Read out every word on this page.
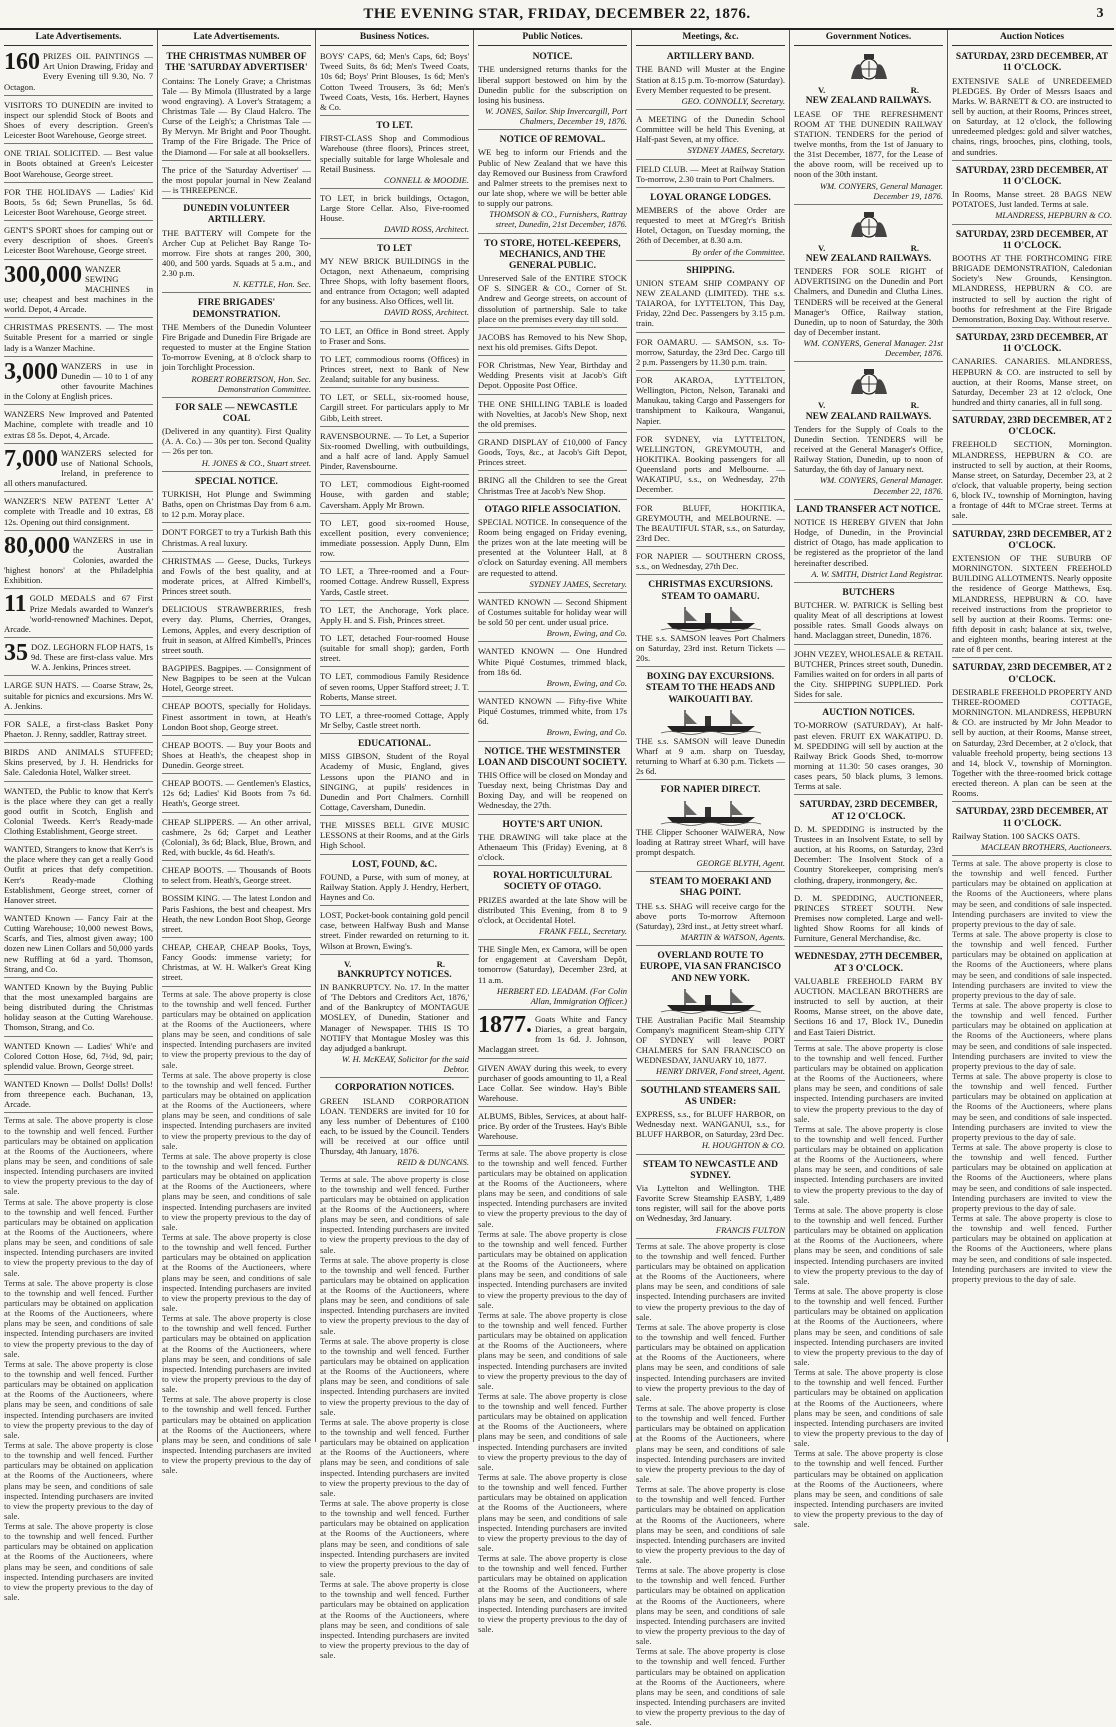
THE EVENING STAR, FRIDAY, DECEMBER 22, 1876.	3
Late Advertisements.
160 PRIZES OIL PAINTINGS — Art Union Drawing, Friday and Every Evening till 9.30, No. 7 Octagon.
VISITORS TO DUNEDIN are invited to inspect our splendid Stock of Boots and Shoes of every description. Green's Leicester Boot Warehouse, George street.
ONE TRIAL SOLICITED. — Best value in Boots obtained at Green's Leicester Boot Warehouse, George street.
FOR THE HOLIDAYS — Ladies' Kid Boots, 5s 6d; Sewn Prunellas, 5s 6d. Leicester Boot Warehouse, George street.
GENT'S SPORT shoes for camping out or every description of shoes. Green's Leicester Boot Warehouse, George street.
300,000 WANZER SEWING MACHINES in use; cheapest and best machines in the world. Depot, 4 Arcade.
CHRISTMAS PRESENTS. — The most Suitable Present for a married or single lady is a Wanzer Machine.
3,000 WANZERS in use in Dunedin — 10 to 1 of any other favourite Machines in the Colony at English prices.
WANZERS New Improved and Patented Machine, complete with treadle and 10 extras £8 5s. Depot, 4, Arcade.
7,000 WANZERS selected for use of National Schools, Ireland, in preference to all others manufactured.
WANZER'S NEW PATENT 'Letter A' complete with Treadle and 10 extras, £8 12s. Opening out third consignment.
80,000 WANZERS in use in the Australian Colonies, awarded the 'highest honors' at the Philadelphia Exhibition.
11 GOLD MEDALS and 67 First Prize Medals awarded to Wanzer's 'world-renowned' Machines. Depot, Arcade.
35 DOZ. LEGHORN FLOP HATS, 1s 9d. These are first-class value. Mrs W. A. Jenkins, Princes street.
LARGE SUN HATS. — Coarse Straw, 2s, suitable for picnics and excursions. Mrs W. A. Jenkins.
FOR SALE, a first-class Basket Pony Phaeton. J. Renny, saddler, Rattray street.
BIRDS AND ANIMALS STUFFED; Skins preserved, by J. H. Hendricks for Sale. Caledonia Hotel, Walker street.
WANTED, the Public to know that Kerr's is the place where they can get a really good outfit in Scotch, English and Colonial Tweeds. Kerr's Ready-made Clothing Establishment, George street.
WANTED, Strangers to know that Kerr's is the place where they can get a really Good Outfit at prices that defy competition. Kerr's Ready-made Clothing Establishment, George street, corner of Hanover street.
WANTED Known — Fancy Fair at the Cutting Warehouse; 10,000 newest Bows, Scarfs, and Ties, almost given away; 100 dozen new Linen Collars and 50,000 yards new Ruffling at 6d a yard. Thomson, Strang, and Co.
WANTED Known by the Buying Public that the most unexampled bargains are being distributed during the Christmas holiday season at the Cutting Warehouse. Thomson, Strang, and Co.
WANTED Known — Ladies' Whi'e and Colored Cotton Hose, 6d, 7½d, 9d, pair; splendid value. Brown, George street.
WANTED Known — Dolls! Dolls! Dolls! from threepence each. Buchanan, 13, Arcade.
Terms at sale. The above property is close to the township and well fenced. Further particulars may be obtained on application at the Rooms of the Auctioneers, where plans may be seen, and conditions of sale inspected. Intending purchasers are invited to view the property previous to the day of sale.
Terms at sale. The above property is close to the township and well fenced. Further particulars may be obtained on application at the Rooms of the Auctioneers, where plans may be seen, and conditions of sale inspected. Intending purchasers are invited to view the property previous to the day of sale.
Terms at sale. The above property is close to the township and well fenced. Further particulars may be obtained on application at the Rooms of the Auctioneers, where plans may be seen, and conditions of sale inspected. Intending purchasers are invited to view the property previous to the day of sale.
Terms at sale. The above property is close to the township and well fenced. Further particulars may be obtained on application at the Rooms of the Auctioneers, where plans may be seen, and conditions of sale inspected. Intending purchasers are invited to view the property previous to the day of sale.
Terms at sale. The above property is close to the township and well fenced. Further particulars may be obtained on application at the Rooms of the Auctioneers, where plans may be seen, and conditions of sale inspected. Intending purchasers are invited to view the property previous to the day of sale.
Terms at sale. The above property is close to the township and well fenced. Further particulars may be obtained on application at the Rooms of the Auctioneers, where plans may be seen, and conditions of sale inspected. Intending purchasers are invited to view the property previous to the day of sale.
Late Advertisements.
THE CHRISTMAS NUMBER OF THE 'SATURDAY ADVERTISER'
Contains: The Lonely Grave; a Christmas Tale — By Mimola (Illustrated by a large wood engraving). A Lover's Stratagem; a Christmas Tale — By Claud Halcro. The Curse of the Leigh's; a Christmas Tale — By Mervyn. Mr Bright and Poor Thought. Tramp of the Fire Brigade. The Price of the Diamond — For sale at all booksellers.
The price of the 'Saturday Advertiser' — the most popular journal in New Zealand — is THREEPENCE.
DUNEDIN VOLUNTEER ARTILLERY.
THE BATTERY will Compete for the Archer Cup at Pelichet Bay Range To-morrow. Fire shots at ranges 200, 300, 400, and 500 yards. Squads at 5 a.m., and 2.30 p.m.
N. KETTLE, Hon. Sec.
FIRE BRIGADES' DEMONSTRATION.
THE Members of the Dunedin Volunteer Fire Brigade and Dunedin Fire Brigade are requested to muster at the Engine Station To-morrow Evening, at 8 o'clock sharp to join Torchlight Procession.
ROBERT ROBERTSON, Hon. Sec. Demonstration Committee.
FOR SALE — NEWCASTLE COAL
(Delivered in any quantity). First Quality (A. A. Co.) — 30s per ton. Second Quality — 26s per ton.
H. JONES & CO., Stuart street.
SPECIAL NOTICE.
TURKISH, Hot Plunge and Swimming Baths, open on Christmas Day from 6 a.m. to 12 p.m. Moray place.
DON'T FORGET to try a Turkish Bath this Christmas. A real luxury.
CHRISTMAS — Geese, Ducks, Turkeys and Fowls of the best quality, and at moderate prices, at Alfred Kimbell's, Princes street south.
DELICIOUS STRAWBERRIES, fresh every day. Plums, Cherries, Oranges, Lemons, Apples, and every description of fruit in season, at Alfred Kimbell's, Princes street south.
BAGPIPES. Bagpipes. — Consignment of New Bagpipes to be seen at the Vulcan Hotel, George street.
CHEAP BOOTS, specially for Holidays. Finest assortment in town, at Heath's London Boot shop, George street.
CHEAP BOOTS. — Buy your Boots and Shoes at Heath's, the cheapest shop in Dunedin. George street.
CHEAP BOOTS. — Gentlemen's Elastics, 12s 6d; Ladies' Kid Boots from 7s 6d. Heath's, George street.
CHEAP SLIPPERS. — An other arrival, cashmere, 2s 6d; Carpet and Leather (Colonial), 3s 6d; Black, Blue, Brown, and Red, with buckle, 4s 6d. Heath's.
CHEAP BOOTS. — Thousands of Boots to select from. Heath's, George street.
BOSSIM KING. — The latest London and Paris Fashions, the best and cheapest. Mrs Heath, the new London Boot Shop, George street.
CHEAP, CHEAP, CHEAP Books, Toys, Fancy Goods: immense variety; for Christmas, at W. H. Walker's Great King street.
Terms at sale. The above property is close to the township and well fenced. Further particulars may be obtained on application at the Rooms of the Auctioneers, where plans may be seen, and conditions of sale inspected. Intending purchasers are invited to view the property previous to the day of sale.
Terms at sale. The above property is close to the township and well fenced. Further particulars may be obtained on application at the Rooms of the Auctioneers, where plans may be seen, and conditions of sale inspected. Intending purchasers are invited to view the property previous to the day of sale.
Terms at sale. The above property is close to the township and well fenced. Further particulars may be obtained on application at the Rooms of the Auctioneers, where plans may be seen, and conditions of sale inspected. Intending purchasers are invited to view the property previous to the day of sale.
Terms at sale. The above property is close to the township and well fenced. Further particulars may be obtained on application at the Rooms of the Auctioneers, where plans may be seen, and conditions of sale inspected. Intending purchasers are invited to view the property previous to the day of sale.
Terms at sale. The above property is close to the township and well fenced. Further particulars may be obtained on application at the Rooms of the Auctioneers, where plans may be seen, and conditions of sale inspected. Intending purchasers are invited to view the property previous to the day of sale.
Terms at sale. The above property is close to the township and well fenced. Further particulars may be obtained on application at the Rooms of the Auctioneers, where plans may be seen, and conditions of sale inspected. Intending purchasers are invited to view the property previous to the day of sale.
Business Notices.
BOYS' CAPS, 6d; Men's Caps, 6d; Boys' Tweed Suits, 8s 6d; Men's Tweed Coats, 10s 6d; Boys' Print Blouses, 1s 6d; Men's Cotton Tweed Trousers, 3s 6d; Men's Tweed Coats, Vests, 16s. Herbert, Haynes & Co.
TO LET.
FIRST-CLASS Shop and Commodious Warehouse (three floors), Princes street, specially suitable for large Wholesale and Retail Business.
CONNELL & MOODIE.
TO LET, in brick buildings, Octagon, Large Store Cellar. Also, Five-roomed House.
DAVID ROSS, Architect.
TO LET
MY NEW BRICK BUILDINGS in the Octagon, next Athenaeum, comprising Three Shops, with lofty basement floors, and entrance from Octagon; well adapted for any business. Also Offices, well lit.
DAVID ROSS, Architect.
TO LET, an Office in Bond street. Apply to Fraser and Sons.
TO LET, commodious rooms (Offices) in Princes street, next to Bank of New Zealand; suitable for any business.
TO LET, or SELL, six-roomed house, Cargill street. For particulars apply to Mr Gibb, Leith street.
RAVENSBOURNE. — To Let, a Superior Six-roomed Dwelling, with outbuildings, and a half acre of land. Apply Samuel Pinder, Ravensbourne.
TO LET, commodious Eight-roomed House, with garden and stable; Caversham. Apply Mr Brown.
TO LET, good six-roomed House, excellent position, every convenience; immediate possession. Apply Dunn, Elm row.
TO LET, a Three-roomed and a Four-roomed Cottage. Andrew Russell, Express Yards, Castle street.
TO LET, the Anchorage, York place. Apply H. and S. Fish, Princes street.
TO LET, detached Four-roomed House (suitable for small shop); garden, Forth street.
TO LET, commodious Family Residence of seven rooms, Upper Stafford street; J. T. Roberts, Manse street.
TO LET, a three-roomed Cottage, Apply Mr Selby, Castle street north.
EDUCATIONAL.
MISS GIBSON, Student of the Royal Academy of Music, England, gives Lessons upon the PIANO and in SINGING, at pupils' residences in Dunedin and Port Chalmers. Cornhill Cottage, Caversham, Dunedin.
THE MISSES BELL GIVE MUSIC LESSONS at their Rooms, and at the Girls High School.
LOST, FOUND, &C.
FOUND, a Purse, with sum of money, at Railway Station. Apply J. Hendry, Herbert, Haynes and Co.
LOST, Pocket-book containing gold pencil case, between Halfway Bush and Manse street. Finder rewarded on returning to it. Wilson at Brown, Ewing's.
V.	R.
BANKRUPTCY NOTICES.
IN BANKRUPTCY. No. 17. In the matter of 'The Debtors and Creditors Act, 1876,' and of the Bankruptcy of MONTAGUE MOSLEY, of Dunedin, Stationer and Manager of Newspaper. THIS IS TO NOTIFY that Montague Mosley was this day adjudged a bankrupt.
W. H. McKEAY, Solicitor for the said Debtor.
CORPORATION NOTICES.
GREEN ISLAND CORPORATION LOAN. TENDERS are invited for 10 for any less number of Debentures of £100 each, to be issued by the Council. Tenders will be received at our office until Thursday, 4th January, 1876.
REID & DUNCANS.
Terms at sale. The above property is close to the township and well fenced. Further particulars may be obtained on application at the Rooms of the Auctioneers, where plans may be seen, and conditions of sale inspected. Intending purchasers are invited to view the property previous to the day of sale.
Terms at sale. The above property is close to the township and well fenced. Further particulars may be obtained on application at the Rooms of the Auctioneers, where plans may be seen, and conditions of sale inspected. Intending purchasers are invited to view the property previous to the day of sale.
Terms at sale. The above property is close to the township and well fenced. Further particulars may be obtained on application at the Rooms of the Auctioneers, where plans may be seen, and conditions of sale inspected. Intending purchasers are invited to view the property previous to the day of sale.
Terms at sale. The above property is close to the township and well fenced. Further particulars may be obtained on application at the Rooms of the Auctioneers, where plans may be seen, and conditions of sale inspected. Intending purchasers are invited to view the property previous to the day of sale.
Terms at sale. The above property is close to the township and well fenced. Further particulars may be obtained on application at the Rooms of the Auctioneers, where plans may be seen, and conditions of sale inspected. Intending purchasers are invited to view the property previous to the day of sale.
Terms at sale. The above property is close to the township and well fenced. Further particulars may be obtained on application at the Rooms of the Auctioneers, where plans may be seen, and conditions of sale inspected. Intending purchasers are invited to view the property previous to the day of sale.
Public Notices.
NOTICE.
THE undersigned returns thanks for the liberal support bestowed on him by the Dunedin public for the subscription on losing his business.
W. JONES, Sailor. Ship Invercargill, Port Chalmers, December 19, 1876.
NOTICE OF REMOVAL.
WE beg to inform our Friends and the Public of New Zealand that we have this day Removed our Business from Crawford and Palmer streets to the premises next to our late shop, where we will be better able to supply our patrons.
THOMSON & CO., Furnishers, Rattray street, Dunedin, 21st December, 1876.
TO STORE, HOTEL-KEEPERS, MECHANICS, AND THE GENERAL PUBLIC.
Unreserved Sale of the ENTIRE STOCK OF S. SINGER & CO., Corner of St. Andrew and George streets, on account of dissolution of partnership. Sale to take place on the premises every day till sold.
JACOBS has Removed to his New Shop, next his old premises. Gifts Depot.
FOR Christmas, New Year, Birthday and Wedding Presents visit at Jacob's Gift Depot. Opposite Post Office.
THE ONE SHILLING TABLE is loaded with Novelties, at Jacob's New Shop, next the old premises.
GRAND DISPLAY of £10,000 of Fancy Goods, Toys, &c., at Jacob's Gift Depot, Princes street.
BRING all the Children to see the Great Christmas Tree at Jacob's New Shop.
OTAGO RIFLE ASSOCIATION.
SPECIAL NOTICE. In consequence of the Room being engaged on Friday evening, the prizes won at the late meeting will be presented at the Volunteer Hall, at 8 o'clock on Saturday evening. All members are requested to attend.
SYDNEY JAMES, Secretary.
WANTED KNOWN — Second Shipment of Costumes suitable for holiday wear will be sold 50 per cent. under usual price.
Brown, Ewing, and Co.
WANTED KNOWN — One Hundred White Piqué Costumes, trimmed black, from 18s 6d.
Brown, Ewing, and Co.
WANTED KNOWN — Fifty-five White Piqué Costumes, trimmed white, from 17s 6d.
Brown, Ewing, and Co.
NOTICE. THE WESTMINSTER LOAN AND DISCOUNT SOCIETY.
THIS Office will be closed on Monday and Tuesday next, being Christmas Day and Boxing Day, and will be reopened on Wednesday, the 27th.
HOYTE'S ART UNION.
THE DRAWING will take place at the Athenaeum This (Friday) Evening, at 8 o'clock.
ROYAL HORTICULTURAL SOCIETY OF OTAGO.
PRIZES awarded at the late Show will be distributed This Evening, from 8 to 9 o'clock, at Occidental Hotel.
FRANK FELL, Secretary.
THE Single Men, ex Camora, will be open for engagement at Caversham Depôt, tomorrow (Saturday), December 23rd, at 11 a.m.
HERBERT ED. LEADAM. (For Colin Allan, Immigration Officer.)
1877. Goats White and Fancy Diaries, a great bargain, from 1s 6d. J. Johnson, Maclaggan street.
GIVEN AWAY during this week, to every purchaser of goods amounting to 1l, a Real Lace Collar. See window. Hay's Bible Warehouse.
ALBUMS, Bibles, Services, at about half-price. By order of the Trustees. Hay's Bible Warehouse.
Terms at sale. The above property is close to the township and well fenced. Further particulars may be obtained on application at the Rooms of the Auctioneers, where plans may be seen, and conditions of sale inspected. Intending purchasers are invited to view the property previous to the day of sale.
Terms at sale. The above property is close to the township and well fenced. Further particulars may be obtained on application at the Rooms of the Auctioneers, where plans may be seen, and conditions of sale inspected. Intending purchasers are invited to view the property previous to the day of sale.
Terms at sale. The above property is close to the township and well fenced. Further particulars may be obtained on application at the Rooms of the Auctioneers, where plans may be seen, and conditions of sale inspected. Intending purchasers are invited to view the property previous to the day of sale.
Terms at sale. The above property is close to the township and well fenced. Further particulars may be obtained on application at the Rooms of the Auctioneers, where plans may be seen, and conditions of sale inspected. Intending purchasers are invited to view the property previous to the day of sale.
Terms at sale. The above property is close to the township and well fenced. Further particulars may be obtained on application at the Rooms of the Auctioneers, where plans may be seen, and conditions of sale inspected. Intending purchasers are invited to view the property previous to the day of sale.
Terms at sale. The above property is close to the township and well fenced. Further particulars may be obtained on application at the Rooms of the Auctioneers, where plans may be seen, and conditions of sale inspected. Intending purchasers are invited to view the property previous to the day of sale.
Meetings, &c.
ARTILLERY BAND.
THE BAND will Muster at the Engine Station at 8.15 p.m. To-morrow (Saturday). Every Member requested to be present.
GEO. CONNOLLY, Secretary.
A MEETING of the Dunedin School Committee will be held This Evening, at Half-past Seven, at my office.
SYDNEY JAMES, Secretary.
FIELD CLUB. — Meet at Railway Station To-morrow, 2.30 train to Port Chalmers.
LOYAL ORANGE LODGES.
MEMBERS of the above Order are requested to meet at M'Greg'r's British Hotel, Octagon, on Tuesday morning, the 26th of December, at 8.30 a.m.
By order of the Committee.
SHIPPING.
UNION STEAM SHIP COMPANY OF NEW ZEALAND (LIMITED). THE s.s. TAIAROA, for LYTTELTON, This Day, Friday, 22nd Dec. Passengers by 3.15 p.m. train.
FOR OAMARU. — SAMSON, s.s. To-morrow, Saturday, the 23rd Dec. Cargo till 2 p.m. Passengers by 11.30 p.m. train.
FOR AKAROA, LYTTELTON, Wellington, Picton, Nelson, Taranaki and Manukau, taking Cargo and Passengers for transhipment to Kaikoura, Wanganui, Napier.
FOR SYDNEY, via LYTTELTON, WELLINGTON, GREYMOUTH, and HOKITIKA. Booking passengers for all Queensland ports and Melbourne. — WAKATIPU, s.s., on Wednesday, 27th December.
FOR BLUFF, HOKITIKA, GREYMOUTH, and MELBOURNE. — The BEAUTIFUL STAR, s.s., on Saturday, 23rd Dec.
FOR NAPIER — SOUTHERN CROSS, s.s., on Wednesday, 27th Dec.
CHRISTMAS EXCURSIONS. STEAM TO OAMARU.
THE s.s. SAMSON leaves Port Chalmers on Saturday, 23rd inst. Return Tickets — 20s.
BOXING DAY EXCURSIONS. STEAM TO THE HEADS AND WAIKOUAITI BAY.
THE s.s. SAMSON will leave Dunedin Wharf at 9 a.m. sharp on Tuesday, returning to Wharf at 6.30 p.m. Tickets — 2s 6d.
FOR NAPIER DIRECT.
THE Clipper Schooner WAIWERA, Now loading at Rattray street Wharf, will have prompt despatch.
GEORGE BLYTH, Agent.
STEAM TO MOERAKI AND SHAG POINT.
THE s.s. SHAG will receive cargo for the above ports To-morrow Afternoon (Saturday), 23rd inst., at Jetty street wharf.
MARTIN & WATSON, Agents.
OVERLAND ROUTE TO EUROPE, VIA SAN FRANCISCO AND NEW YORK.
THE Australian Pacific Mail Steamship Company's magnificent Steam-ship CITY OF SYDNEY will leave PORT CHALMERS for SAN FRANCISCO on WEDNESDAY, JANUARY 10, 1877.
HENRY DRIVER, Fond street, Agent.
SOUTHLAND STEAMERS SAIL AS UNDER:
EXPRESS, s.s., for BLUFF HARBOR, on Wednesday next. WANGANUI, s.s., for BLUFF HARBOR, on Saturday, 23rd Dec.
H. HOUGHTON & CO.
STEAM TO NEWCASTLE AND SYDNEY.
Via Lyttelton and Wellington. THE Favorite Screw Steamship EASBY, 1,489 tons register, will sail for the above ports on Wednesday, 3rd January.
FRANCIS FULTON
Terms at sale. The above property is close to the township and well fenced. Further particulars may be obtained on application at the Rooms of the Auctioneers, where plans may be seen, and conditions of sale inspected. Intending purchasers are invited to view the property previous to the day of sale.
Terms at sale. The above property is close to the township and well fenced. Further particulars may be obtained on application at the Rooms of the Auctioneers, where plans may be seen, and conditions of sale inspected. Intending purchasers are invited to view the property previous to the day of sale.
Terms at sale. The above property is close to the township and well fenced. Further particulars may be obtained on application at the Rooms of the Auctioneers, where plans may be seen, and conditions of sale inspected. Intending purchasers are invited to view the property previous to the day of sale.
Terms at sale. The above property is close to the township and well fenced. Further particulars may be obtained on application at the Rooms of the Auctioneers, where plans may be seen, and conditions of sale inspected. Intending purchasers are invited to view the property previous to the day of sale.
Terms at sale. The above property is close to the township and well fenced. Further particulars may be obtained on application at the Rooms of the Auctioneers, where plans may be seen, and conditions of sale inspected. Intending purchasers are invited to view the property previous to the day of sale.
Terms at sale. The above property is close to the township and well fenced. Further particulars may be obtained on application at the Rooms of the Auctioneers, where plans may be seen, and conditions of sale inspected. Intending purchasers are invited to view the property previous to the day of sale.
Government Notices.
V.	R.
NEW ZEALAND RAILWAYS.
LEASE OF THE REFRESHMENT ROOM AT THE DUNEDIN RAILWAY STATION. TENDERS for the period of twelve months, from the 1st of January to the 31st December, 1877, for the Lease of the above room, will be received up to noon of the 30th instant.
WM. CONYERS, General Manager. December 19, 1876.
V.	R.
NEW ZEALAND RAILWAYS.
TENDERS FOR SOLE RIGHT of ADVERTISING on the Dunedin and Port Chalmers, and Dunedin and Clutha Lines. TENDERS will be received at the General Manager's Office, Railway station, Dunedin, up to noon of Saturday, the 30th day of December instant.
WM. CONYERS, General Manager. 21st December, 1876.
V.	R.
NEW ZEALAND RAILWAYS.
Tenders for the Supply of Coals to the Dunedin Section. TENDERS will be received at the General Manager's Office, Railway Station, Dunedin, up to noon of Saturday, the 6th day of January next.
WM. CONYERS, General Manager. December 22, 1876.
LAND TRANSFER ACT NOTICE.
NOTICE IS HEREBY GIVEN that John Hodge, of Dunedin, in the Provincial district of Otago, has made application to be registered as the proprietor of the land hereinafter described.
A. W. SMITH, District Land Registrar.
BUTCHERS
BUTCHER. W. PATRICK is Selling best quality Meat of all descriptions at lowest possible rates. Small Goods always on hand. Maclaggan street, Dunedin, 1876.
JOHN VEZEY, WHOLESALE & RETAIL BUTCHER, Princes street south, Dunedin. Families waited on for orders in all parts of the City. SHIPPING SUPPLIED. Pork Sides for sale.
AUCTION NOTICES.
TO-MORROW (SATURDAY), At half-past eleven. FRUIT EX WAKATIPU. D. M. SPEDDING will sell by auction at the Railway Brick Goods Shed, to-morrow morning at 11.30: 50 cases oranges, 30 cases pears, 50 black plums, 3 lemons. Terms at sale.
SATURDAY, 23RD DECEMBER, AT 12 O'CLOCK.
D. M. SPEDDING is instructed by the Trustees in an Insolvent Estate, to sell by auction, at his Rooms, on Saturday, 23rd December: The Insolvent Stock of a Country Storekeeper, comprising men's clothing, drapery, ironmongery, &c.
D. M. SPEDDING, AUCTIONEER, PRINCES STREET SOUTH. New Premises now completed. Large and well-lighted Show Rooms for all kinds of Furniture, General Merchandise, &c.
WEDNESDAY, 27TH DECEMBER, AT 3 O'CLOCK.
VALUABLE FREEHOLD FARM BY AUCTION. MACLEAN BROTHERS are instructed to sell by auction, at their Rooms, Manse street, on the above date, Sections 16 and 17, Block IV., Dunedin and East Taieri District.
Terms at sale. The above property is close to the township and well fenced. Further particulars may be obtained on application at the Rooms of the Auctioneers, where plans may be seen, and conditions of sale inspected. Intending purchasers are invited to view the property previous to the day of sale.
Terms at sale. The above property is close to the township and well fenced. Further particulars may be obtained on application at the Rooms of the Auctioneers, where plans may be seen, and conditions of sale inspected. Intending purchasers are invited to view the property previous to the day of sale.
Terms at sale. The above property is close to the township and well fenced. Further particulars may be obtained on application at the Rooms of the Auctioneers, where plans may be seen, and conditions of sale inspected. Intending purchasers are invited to view the property previous to the day of sale.
Terms at sale. The above property is close to the township and well fenced. Further particulars may be obtained on application at the Rooms of the Auctioneers, where plans may be seen, and conditions of sale inspected. Intending purchasers are invited to view the property previous to the day of sale.
Terms at sale. The above property is close to the township and well fenced. Further particulars may be obtained on application at the Rooms of the Auctioneers, where plans may be seen, and conditions of sale inspected. Intending purchasers are invited to view the property previous to the day of sale.
Terms at sale. The above property is close to the township and well fenced. Further particulars may be obtained on application at the Rooms of the Auctioneers, where plans may be seen, and conditions of sale inspected. Intending purchasers are invited to view the property previous to the day of sale.
Auction Notices
SATURDAY, 23RD DECEMBER, AT 11 O'CLOCK.
EXTENSIVE SALE of UNREDEEMED PLEDGES. By Order of Messrs Isaacs and Marks. W. BARNETT & CO. are instructed to sell by auction, at their Rooms, Princes street, on Saturday, at 12 o'clock, the following unredeemed pledges: gold and silver watches, chains, rings, brooches, pins, clothing, tools, and sundries.
SATURDAY, 23RD DECEMBER, AT 11 O'CLOCK.
In Rooms, Manse street. 28 BAGS NEW POTATOES, Just landed. Terms at sale.
MLANDRESS, HEPBURN & CO.
SATURDAY, 23RD DECEMBER, AT 11 O'CLOCK.
BOOTHS AT THE FORTHCOMING FIRE BRIGADE DEMONSTRATION, Caledonian Society's New Grounds, Kensington. MLANDRESS, HEPBURN & CO. are instructed to sell by auction the right of booths for refreshment at the Fire Brigade Demonstration, Boxing Day. Without reserve.
SATURDAY, 23RD DECEMBER, AT 11 O'CLOCK.
CANARIES. CANARIES. MLANDRESS, HEPBURN & CO. are instructed to sell by auction, at their Rooms, Manse street, on Saturday, December 23 at 12 o'clock, One hundred and thirty canaries, all in full song.
SATURDAY, 23RD DECEMBER, AT 2 O'CLOCK.
FREEHOLD SECTION, Mornington. MLANDRESS, HEPBURN & CO. are instructed to sell by auction, at their Rooms, Manse street, on Saturday, December 23, at 2 o'clock, that valuable property, being section 6, block IV., township of Mornington, having a frontage of 44ft to M'Crae street. Terms at sale.
SATURDAY, 23RD DECEMBER, AT 2 O'CLOCK.
EXTENSION OF THE SUBURB OF MORNINGTON. SIXTEEN FREEHOLD BUILDING ALLOTMENTS. Nearly opposite the residence of George Matthews, Esq. MLANDRESS, HEPBURN & CO. have received instructions from the proprietor to sell by auction at their Rooms. Terms: one-fifth deposit in cash; balance at six, twelve, and eighteen months, bearing interest at the rate of 8 per cent.
SATURDAY, 23RD DECEMBER, AT 2 O'CLOCK.
DESIRABLE FREEHOLD PROPERTY AND THREE-ROOMED COTTAGE, MORNINGTON. MLANDRESS, HEPBURN & CO. are instructed by Mr John Meador to sell by auction, at their Rooms, Manse street, on Saturday, 23rd December, at 2 o'clock, that valuable freehold property, being sections 13 and 14, block V., township of Mornington. Together with the three-roomed brick cottage erected thereon. A plan can be seen at the Rooms.
SATURDAY, 23RD DECEMBER, AT 11 O'CLOCK.
Railway Station. 100 SACKS OATS.
MACLEAN BROTHERS, Auctioneers.
Terms at sale. The above property is close to the township and well fenced. Further particulars may be obtained on application at the Rooms of the Auctioneers, where plans may be seen, and conditions of sale inspected. Intending purchasers are invited to view the property previous to the day of sale.
Terms at sale. The above property is close to the township and well fenced. Further particulars may be obtained on application at the Rooms of the Auctioneers, where plans may be seen, and conditions of sale inspected. Intending purchasers are invited to view the property previous to the day of sale.
Terms at sale. The above property is close to the township and well fenced. Further particulars may be obtained on application at the Rooms of the Auctioneers, where plans may be seen, and conditions of sale inspected. Intending purchasers are invited to view the property previous to the day of sale.
Terms at sale. The above property is close to the township and well fenced. Further particulars may be obtained on application at the Rooms of the Auctioneers, where plans may be seen, and conditions of sale inspected. Intending purchasers are invited to view the property previous to the day of sale.
Terms at sale. The above property is close to the township and well fenced. Further particulars may be obtained on application at the Rooms of the Auctioneers, where plans may be seen, and conditions of sale inspected. Intending purchasers are invited to view the property previous to the day of sale.
Terms at sale. The above property is close to the township and well fenced. Further particulars may be obtained on application at the Rooms of the Auctioneers, where plans may be seen, and conditions of sale inspected. Intending purchasers are invited to view the property previous to the day of sale.
